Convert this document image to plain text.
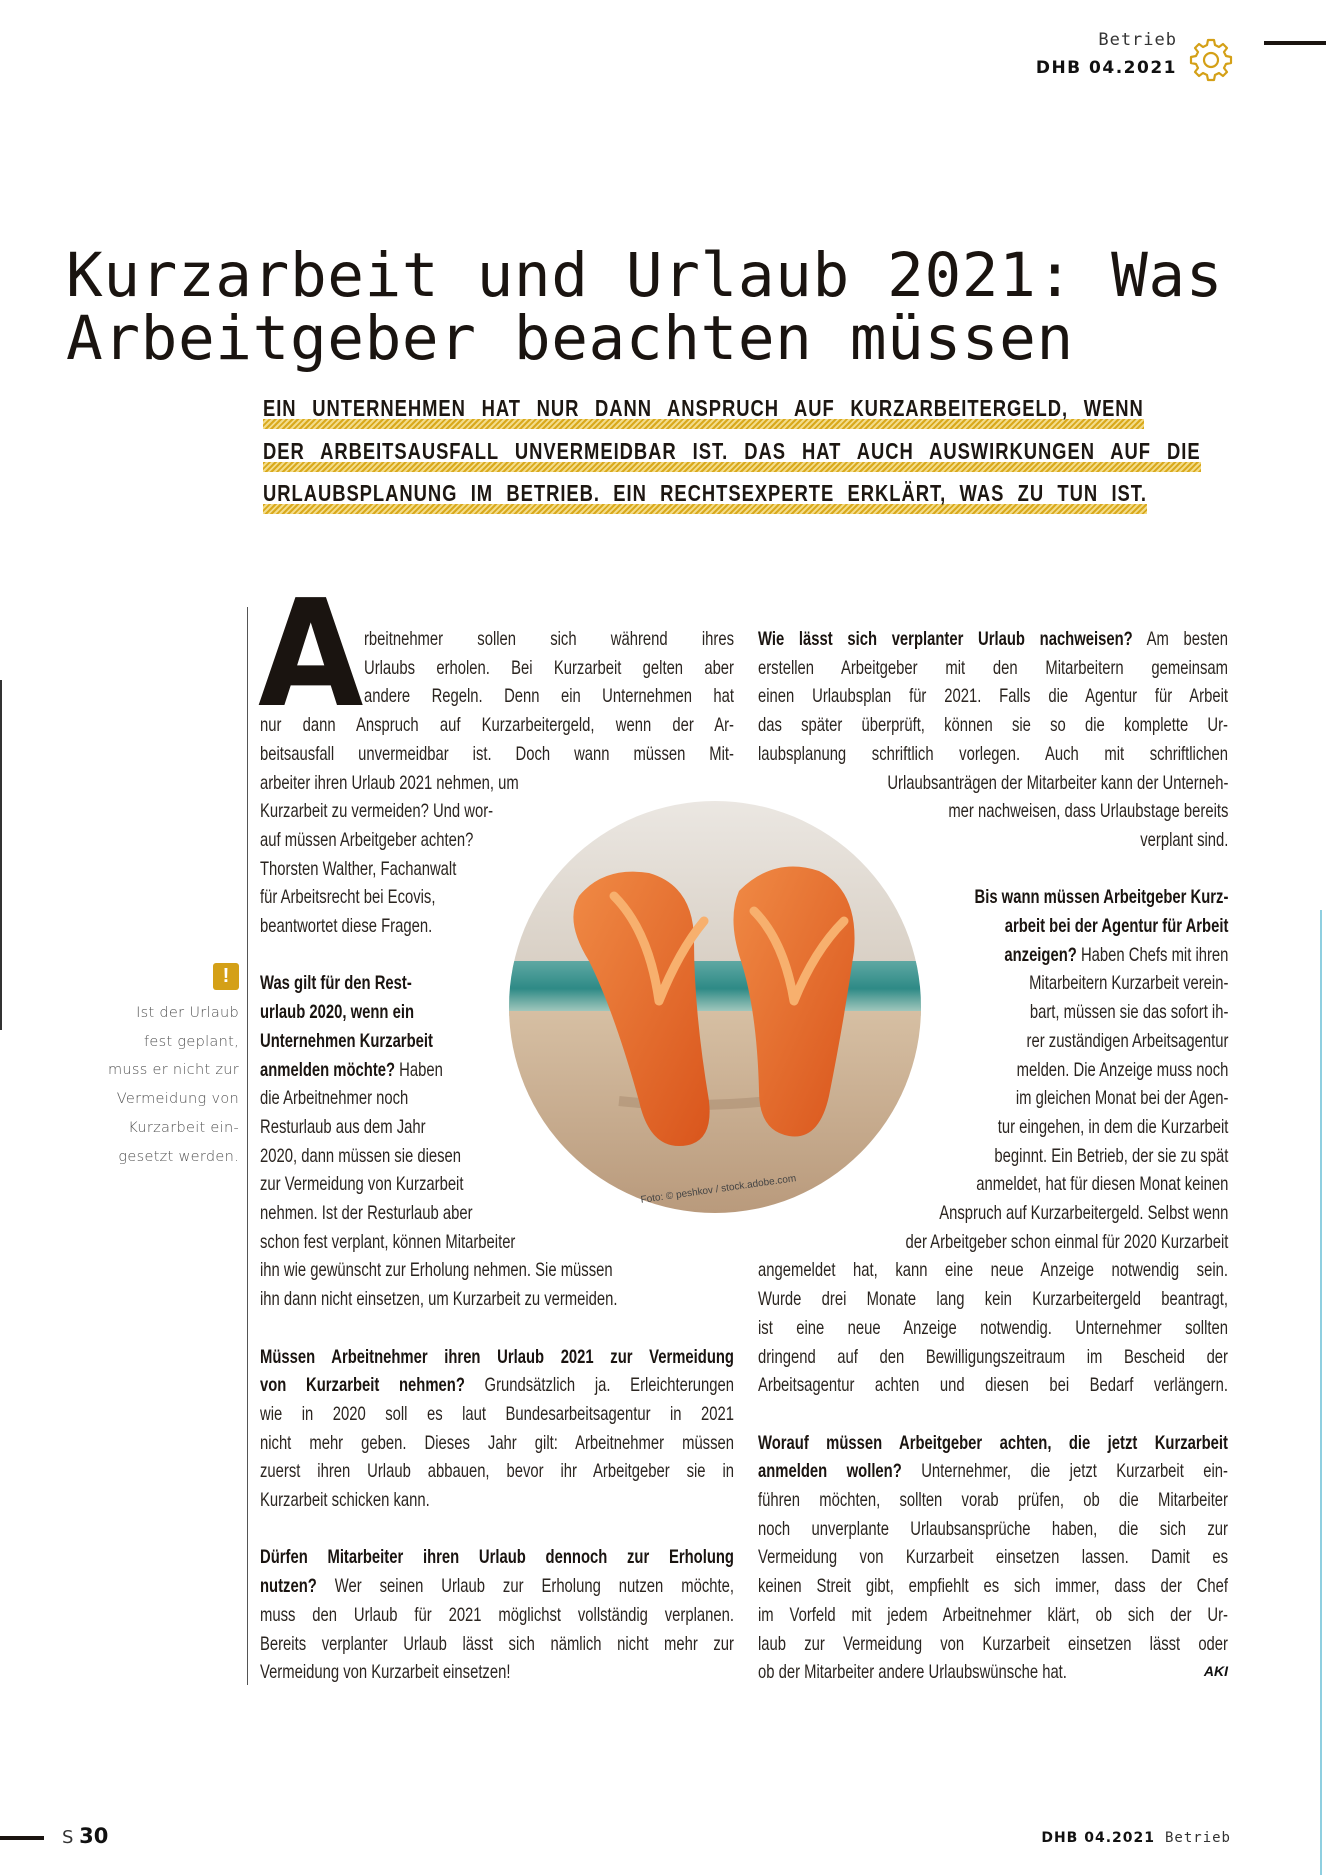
Betrieb
DHB 04.2021
Kurzarbeit und Urlaub 2021: Was
Arbeitgeber beachten müssen
EIN UNTERNEHMEN HAT NUR DANN ANSPRUCH AUF KURZARBEITERGELD, WENN
DER ARBEITSAUSFALL UNVERMEIDBAR IST. DAS HAT AUCH AUSWIRKUNGEN AUF DIE
URLAUBSPLANUNG IM BETRIEB. EIN RECHTSEXPERTE ERKLÄRT, WAS ZU TUN IST.
!
Ist der Urlaub
fest geplant,
muss er nicht zur
Vermeidung von
Kurzarbeit ein-
gesetzt werden.
A rbeitnehmer sollen sich während ihres
Urlaubs erholen. Bei Kurzarbeit gelten aber
andere Regeln. Denn ein Unternehmen hat
nur dann Anspruch auf Kurzarbeitergeld, wenn der Ar-
beitsausfall unvermeidbar ist. Doch wann müssen Mit-
arbeiter ihren Urlaub 2021 nehmen, um
Kurzarbeit zu vermeiden? Und wor-
auf müssen Arbeitgeber achten?
Thorsten Walther, Fachanwalt
für Arbeitsrecht bei Ecovis,
beantwortet diese Fragen.
Was gilt für den Rest-
urlaub 2020, wenn ein
Unternehmen Kurzarbeit
anmelden möchte? Haben
die Arbeitnehmer noch
Resturlaub aus dem Jahr
2020, dann müssen sie diesen
zur Vermeidung von Kurzarbeit
nehmen. Ist der Resturlaub aber
schon fest verplant, können Mitarbeiter
ihn wie gewünscht zur Erholung nehmen. Sie müssen
ihn dann nicht einsetzen, um Kurzarbeit zu vermeiden.
Müssen Arbeitnehmer ihren Urlaub 2021 zur Vermeidung
von Kurzarbeit nehmen? Grundsätzlich ja. Erleichterungen
wie in 2020 soll es laut Bundesarbeitsagentur in 2021
nicht mehr geben. Dieses Jahr gilt: Arbeitnehmer müssen
zuerst ihren Urlaub abbauen, bevor ihr Arbeitgeber sie in
Kurzarbeit schicken kann.
Dürfen Mitarbeiter ihren Urlaub dennoch zur Erholung
nutzen? Wer seinen Urlaub zur Erholung nutzen möchte,
muss den Urlaub für 2021 möglichst vollständig verplanen.
Bereits verplanter Urlaub lässt sich nämlich nicht mehr zur
Vermeidung von Kurzarbeit einsetzen!
Wie lässt sich verplanter Urlaub nachweisen? Am besten
erstellen Arbeitgeber mit den Mitarbeitern gemeinsam
einen Urlaubsplan für 2021. Falls die Agentur für Arbeit
das später überprüft, können sie so die komplette Ur-
laubsplanung schriftlich vorlegen. Auch mit schriftlichen
Urlaubsanträgen der Mitarbeiter kann der Unterneh-
mer nachweisen, dass Urlaubstage bereits
verplant sind.
Bis wann müssen Arbeitgeber Kurz-
arbeit bei der Agentur für Arbeit
anzeigen? Haben Chefs mit ihren
Mitarbeitern Kurzarbeit verein-
bart, müssen sie das sofort ih-
rer zuständigen Arbeitsagentur
melden. Die Anzeige muss noch
im gleichen Monat bei der Agen-
tur eingehen, in dem die Kurzarbeit
beginnt. Ein Betrieb, der sie zu spät
anmeldet, hat für diesen Monat keinen
Anspruch auf Kurzarbeitergeld. Selbst wenn
der Arbeitgeber schon einmal für 2020 Kurzarbeit
angemeldet hat, kann eine neue Anzeige notwendig sein.
Wurde drei Monate lang kein Kurzarbeitergeld beantragt,
ist eine neue Anzeige notwendig. Unternehmer sollten
dringend auf den Bewilligungszeitraum im Bescheid der
Arbeitsagentur achten und diesen bei Bedarf verlängern.
Worauf müssen Arbeitgeber achten, die jetzt Kurzarbeit
anmelden wollen? Unternehmer, die jetzt Kurzarbeit ein-
führen möchten, sollten vorab prüfen, ob die Mitarbeiter
noch unverplante Urlaubsansprüche haben, die sich zur
Vermeidung von Kurzarbeit einsetzen lassen. Damit es
keinen Streit gibt, empfiehlt es sich immer, dass der Chef
im Vorfeld mit jedem Arbeitnehmer klärt, ob sich der Ur-
laub zur Vermeidung von Kurzarbeit einsetzen lässt oder
ob der Mitarbeiter andere Urlaubswünsche hat.
Foto: © peshkov / stock.adobe.com
S 30	DHB 04.2021 Betrieb
AKI
